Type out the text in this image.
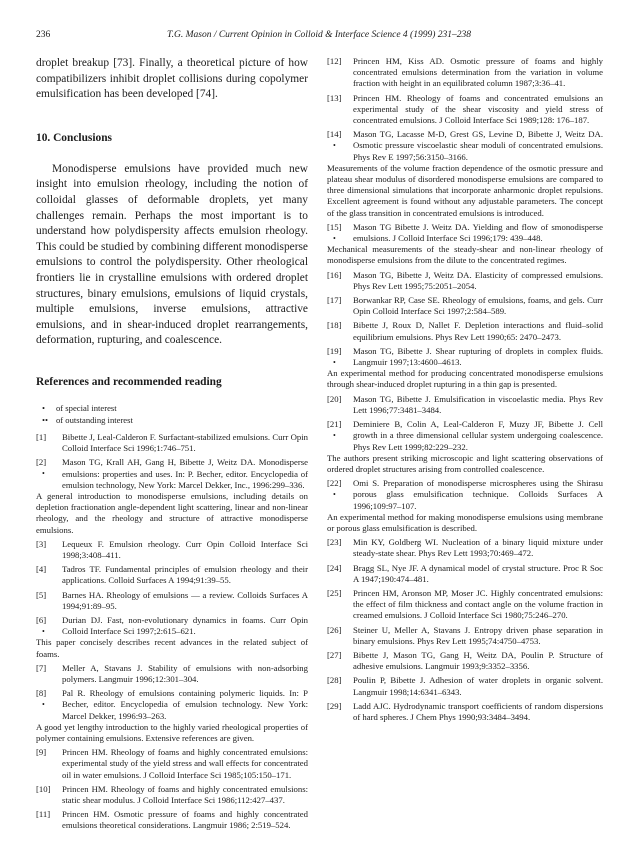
236	T.G. Mason / Current Opinion in Colloid & Interface Science 4 (1999) 231–238

droplet breakup [73]. Finally, a theoretical picture of how compatibilizers inhibit droplet collisions during copolymer emulsification has been developed [74].

10. Conclusions

Monodisperse emulsions have provided much new insight into emulsion rheology, including the notion of colloidal glasses of deformable droplets, yet many challenges remain. Perhaps the most important is to understand how polydispersity affects emulsion rheology. This could be studied by combining different monodisperse emulsions to control the polydispersity. Other rheological frontiers lie in crystalline emulsions with ordered droplet structures, binary emulsions, emulsions of liquid crystals, multiple emulsions, inverse emulsions, attractive emulsions, and in shear-induced droplet rearrangements, deformation, rupturing, and coalescence.

References and recommended reading

• of special interest

•• of outstanding interest

[1] Bibette J, Leal-Calderon F. Surfactant-stabilized emulsions. Curr Opin Colloid Interface Sci 1996;1:746–751.

[2]
•
Mason TG, Krall AH, Gang H, Bibette J, Weitz DA. Monodisperse emulsions: properties and uses. In: P. Becher, editor. Encyclopedia of emulsion technology, New York: Marcel Dekker, Inc., 1996:299–336.

A general introduction to monodisperse emulsions, including details on depletion fractionation angle-dependent light scattering, linear and non-linear rheology, and the rheology and structure of attractive monodisperse emulsions.

[3] Lequeux F. Emulsion rheology. Curr Opin Colloid Interface Sci 1998;3:408–411.

[4] Tadros TF. Fundamental principles of emulsion rheology and their applications. Colloid Surfaces A 1994;91:39–55.

[5] Barnes HA. Rheology of emulsions — a review. Colloids Surfaces A 1994;91:89–95.

[6]
•
Durian DJ. Fast, non-evolutionary dynamics in foams. Curr Opin Colloid Interface Sci 1997;2:615–621.

This paper concisely describes recent advances in the related subject of foams.

[7] Meller A, Stavans J. Stability of emulsions with non-adsorbing polymers. Langmuir 1996;12:301–304.

[8]
•
Pal R. Rheology of emulsions containing polymeric liquids. In: P Becher, editor. Encyclopedia of emulsion technology. New York: Marcel Dekker, 1996:93–263.

A good yet lengthy introduction to the highly varied rheological properties of polymer containing emulsions. Extensive references are given.

[9] Princen HM. Rheology of foams and highly concentrated emulsions: experimental study of the yield stress and wall effects for concentrated oil in water emulsions. J Colloid Interface Sci 1985;105:150–171.

[10] Princen HM. Rheology of foams and highly concentrated emulsions: static shear modulus. J Colloid Interface Sci 1986;112:427–437.

[11] Princen HM. Osmotic pressure of foams and highly concentrated emulsions theoretical considerations. Langmuir 1986; 2:519–524.

[12] Princen HM, Kiss AD. Osmotic pressure of foams and highly concentrated emulsions determination from the variation in volume fraction with height in an equilibrated column 1987;3:36–41.

[13] Princen HM. Rheology of foams and concentrated emulsions an experimental study of the shear viscosity and yield stress of concentrated emulsions. J Colloid Interface Sci 1989;128: 176–187.

[14]
•
Mason TG, Lacasse M-D, Grest GS, Levine D, Bibette J, Weitz DA. Osmotic pressure viscoelastic shear moduli of concentrated emulsions. Phys Rev E 1997;56:3150–3166.

Measurements of the volume fraction dependence of the osmotic pressure and plateau shear modulus of disordered monodisperse emulsions are compared to three dimensional simulations that incorporate anharmonic droplet repulsions. Excellent agreement is found without any adjustable parameters. The concept of the glass transition in concentrated emulsions is introduced.

[15]
•
Mason TG Bibette J. Weitz DA. Yielding and flow of smonodisperse emulsions. J Colloid Interface Sci 1996;179: 439–448.

Mechanical measurements of the steady-shear and non-linear rheology of monodisperse emulsions from the dilute to the concentrated regimes.

[16] Mason TG, Bibette J, Weitz DA. Elasticity of compressed emulsions. Phys Rev Lett 1995;75:2051–2054.

[17] Borwankar RP, Case SE. Rheology of emulsions, foams, and gels. Curr Opin Colloid Interface Sci 1997;2:584–589.

[18] Bibette J, Roux D, Nallet F. Depletion interactions and fluid–solid equilibrium emulsions. Phys Rev Lett 1990;65: 2470–2473.

[19]
•
Mason TG, Bibette J. Shear rupturing of droplets in complex fluids. Langmuir 1997;13:4600–4613.

An experimental method for producing concentrated monodisperse emulsions through shear-induced droplet rupturing in a thin gap is presented.

[20] Mason TG, Bibette J. Emulsification in viscoelastic media. Phys Rev Lett 1996;77:3481–3484.

[21]
•
Deminiere B, Colin A, Leal-Calderon F, Muzy JF, Bibette J. Cell growth in a three dimensional cellular system undergoing coalescence. Phys Rev Lett 1999;82:229–232.

The authors present striking microscopic and light scattering observations of ordered droplet structures arising from controlled coalescence.

[22]
•
Omi S. Preparation of monodisperse microspheres using the Shirasu porous glass emulsification technique. Colloids Surfaces A 1996;109:97–107.

An experimental method for making monodisperse emulsions using membrane or porous glass emulsification is described.

[23] Min KY, Goldberg WI. Nucleation of a binary liquid mixture under steady-state shear. Phys Rev Lett 1993;70:469–472.

[24] Bragg SL, Nye JF. A dynamical model of crystal structure. Proc R Soc A 1947;190:474–481.

[25] Princen HM, Aronson MP, Moser JC. Highly concentrated emulsions: the effect of film thickness and contact angle on the volume fraction in creamed emulsions. J Colloid Interface Sci 1980;75:246–270.

[26] Steiner U, Meller A, Stavans J. Entropy driven phase separation in binary emulsions. Phys Rev Lett 1995;74:4750–4753.

[27] Bibette J, Mason TG, Gang H, Weitz DA, Poulin P. Structure of adhesive emulsions. Langmuir 1993;9:3352–3356.

[28] Poulin P, Bibette J. Adhesion of water droplets in organic solvent. Langmuir 1998;14:6341–6343.

[29] Ladd AJC. Hydrodynamic transport coefficients of random dispersions of hard spheres. J Chem Phys 1990;93:3484–3494.
